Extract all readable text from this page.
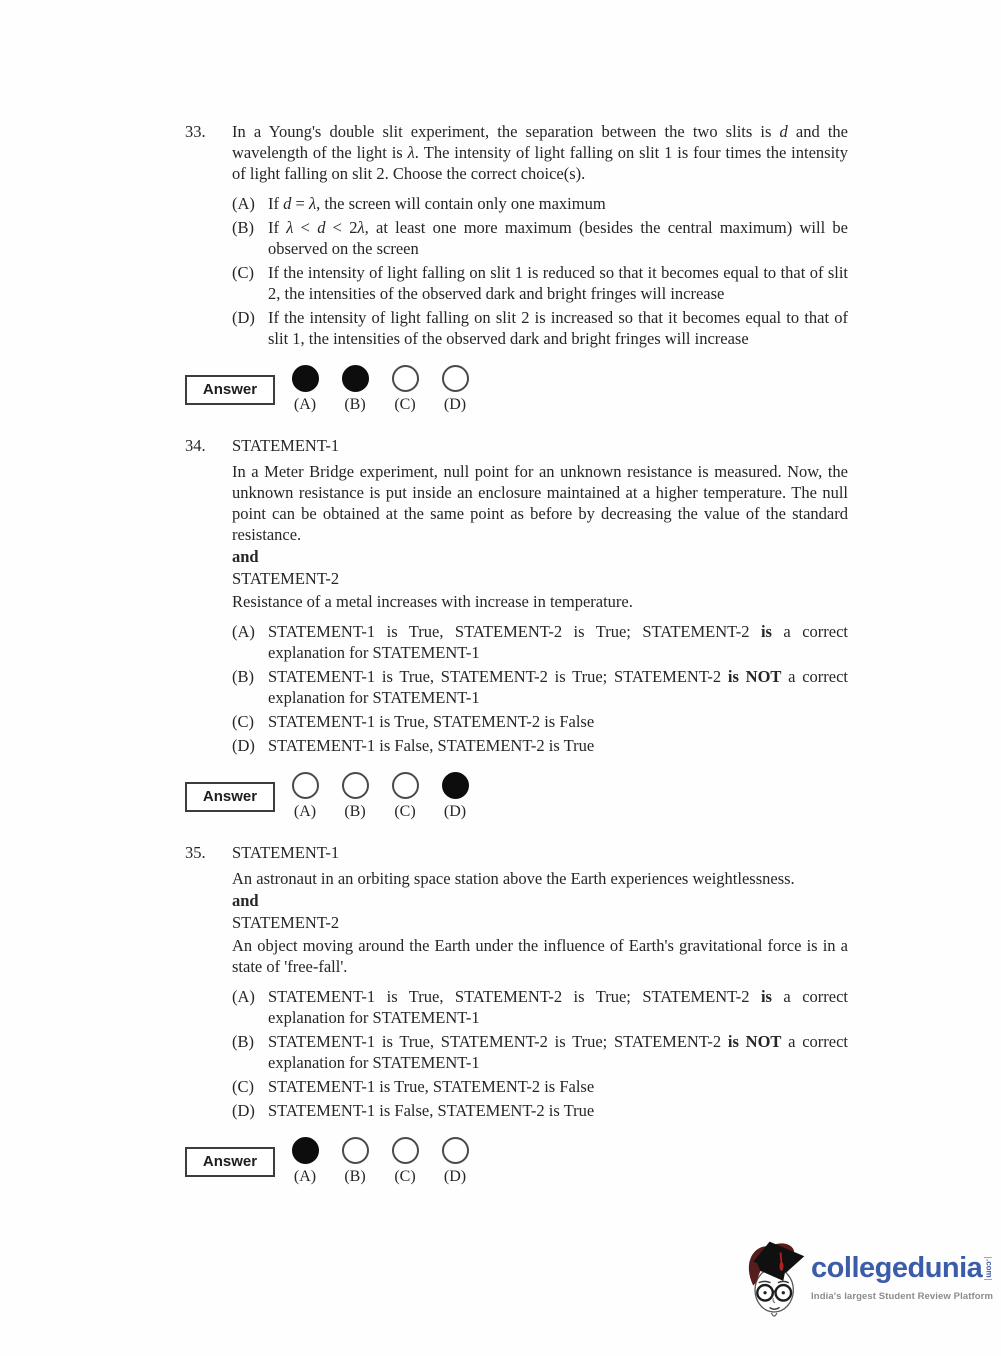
33.	In a Young's double slit experiment, the separation between the two slits is d and the wavelength of the light is λ. The intensity of light falling on slit 1 is four times the intensity of light falling on slit 2. Choose the correct choice(s).

(A) If d = λ, the screen will contain only one maximum
(B) If λ < d < 2λ, at least one more maximum (besides the central maximum) will be observed on the screen
(C) If the intensity of light falling on slit 1 is reduced so that it becomes equal to that of slit 2, the intensities of the observed dark and bright fringes will increase
(D) If the intensity of light falling on slit 2 is increased so that it becomes equal to that of slit 1, the intensities of the observed dark and bright fringes will increase
Answer
(A) (B) (C) (D)
34.	STATEMENT-1

In a Meter Bridge experiment, null point for an unknown resistance is measured. Now, the unknown resistance is put inside an enclosure maintained at a higher temperature. The null point can be obtained at the same point as before by decreasing the value of the standard resistance.

and

STATEMENT-2

Resistance of a metal increases with increase in temperature.

(A) STATEMENT-1 is True, STATEMENT-2 is True; STATEMENT-2 is a correct explanation for STATEMENT-1
(B) STATEMENT-1 is True, STATEMENT-2 is True; STATEMENT-2 is NOT a correct explanation for STATEMENT-1
(C) STATEMENT-1 is True, STATEMENT-2 is False
(D) STATEMENT-1 is False, STATEMENT-2 is True
Answer
(A) (B) (C) (D)
35.	STATEMENT-1

An astronaut in an orbiting space station above the Earth experiences weightlessness.

and

STATEMENT-2

An object moving around the Earth under the influence of Earth's gravitational force is in a state of 'free-fall'.

(A) STATEMENT-1 is True, STATEMENT-2 is True; STATEMENT-2 is a correct explanation for STATEMENT-1
(B) STATEMENT-1 is True, STATEMENT-2 is True; STATEMENT-2 is NOT a correct explanation for STATEMENT-1
(C) STATEMENT-1 is True, STATEMENT-2 is False
(D) STATEMENT-1 is False, STATEMENT-2 is True
Answer
(A) (B) (C) (D)
collegedunia .com
India's largest Student Review Platform
